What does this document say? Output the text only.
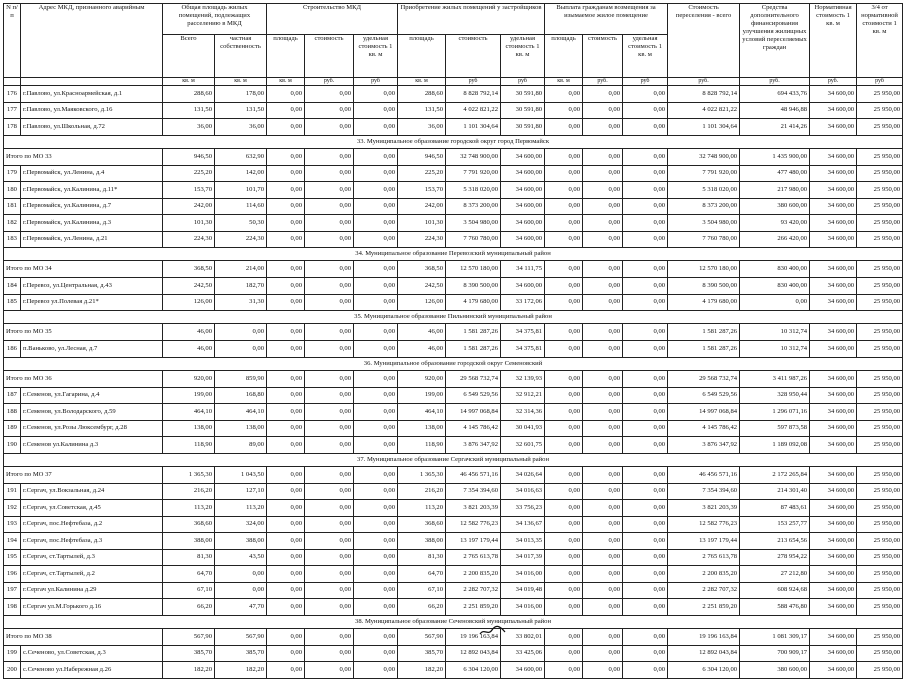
N п/п	Адрес МКД, признанного аварийным	Общая площадь жилых помещений, подлежащих расселению в МКД		Строительство МКД			Приобретение жилых помещений у застройщиков			Выплата гражданам возмещения за изымаемое жилое помещение			Стоимость переселения - всего	Средства дополнительного финансирования улучшения жилищных условий переселяемых граждан	Нормативная стоимость 1 кв. м	3/4 от нормативной стоимости 1 кв. м
		Всего	частная собственность	площадь	стоимость	удельная стоимость 1 кв. м	площадь	стоимость	удельная стоимость 1 кв. м	площадь	стоимость	удельная стоимость 1 кв. м				
		кв. м	кв. м	кв. м	руб.	руб	кв. м	руб	руб	кв. м	руб.	руб	руб.	руб.	руб.	руб
176	г.Павлово, ул.Красноармейская, д.1	288,60	178,00	0,00	0,00	0,00	288,60	8 828 792,14	30 591,80	0,00	0,00	0,00	8 828 792,14	694 433,76	34 600,00	25 950,00
177	г.Павлово, ул.Маяковского, д.16	131,50	131,50	0,00	0,00	0,00	131,50	4 022 821,22	30 591,80	0,00	0,00	0,00	4 022 821,22	48 946,88	34 600,00	25 950,00
178	г.Павлово, ул.Школьная, д.72	36,00	36,00	0,00	0,00	0,00	36,00	1 101 304,64	30 591,80	0,00	0,00	0,00	1 101 304,64	21 414,26	34 600,00	25 950,00
33. Муниципальное образование городской округ город Первомайск																
Итого по МО 33		946,50	632,90	0,00	0,00	0,00	946,50	32 748 900,00	34 600,00	0,00	0,00	0,00	32 748 900,00	1 435 900,00	34 600,00	25 950,00
179	г.Первомайск, ул.Ленина, д.4	225,20	142,00	0,00	0,00	0,00	225,20	7 791 920,00	34 600,00	0,00	0,00	0,00	7 791 920,00	477 480,00	34 600,00	25 950,00
180	г.Первомайск, ул.Калинина, д.11*	153,70	101,70	0,00	0,00	0,00	153,70	5 318 020,00	34 600,00	0,00	0,00	0,00	5 318 020,00	217 980,00	34 600,00	25 950,00
181	г.Первомайск, ул.Калинина, д.7	242,00	114,60	0,00	0,00	0,00	242,00	8 373 200,00	34 600,00	0,00	0,00	0,00	8 373 200,00	380 600,00	34 600,00	25 950,00
182	г.Первомайск, ул.Калинина, д.3	101,30	50,30	0,00	0,00	0,00	101,30	3 504 980,00	34 600,00	0,00	0,00	0,00	3 504 980,00	93 420,00	34 600,00	25 950,00
183	г.Первомайск, ул.Ленина, д.21	224,30	224,30	0,00	0,00	0,00	224,30	7 760 780,00	34 600,00	0,00	0,00	0,00	7 760 780,00	266 420,00	34 600,00	25 950,00
34. Муниципальное образование Перевозский муниципальный район																
Итого по МО 34		368,50	214,00	0,00	0,00	0,00	368,50	12 570 180,00	34 111,75	0,00	0,00	0,00	12 570 180,00	830 400,00	34 600,00	25 950,00
184	г.Перевоз, ул.Центральная, д.43	242,50	182,70	0,00	0,00	0,00	242,50	8 390 500,00	34 600,00	0,00	0,00	0,00	8 390 500,00	830 400,00	34 600,00	25 950,00
185	г.Перевоз ул.Полевая д.21*	126,00	31,30	0,00	0,00	0,00	126,00	4 179 680,00	33 172,06	0,00	0,00	0,00	4 179 680,00	0,00	34 600,00	25 950,00
35. Муниципальное образование Пильнинский муниципальный район																
Итого по МО 35		46,00	0,00	0,00	0,00	0,00	46,00	1 581 287,26	34 375,81	0,00	0,00	0,00	1 581 287,26	10 312,74	34 600,00	25 950,00
186	п.Ваньково, ул.Лесная, д.7	46,00	0,00	0,00	0,00	0,00	46,00	1 581 287,26	34 375,81	0,00	0,00	0,00	1 581 287,26	10 312,74	34 600,00	25 950,00
36. Муниципальное образование городской округ Семеновский																
Итого по МО 36		920,00	859,90	0,00	0,00	0,00	920,00	29 568 732,74	32 139,93	0,00	0,00	0,00	29 568 732,74	3 411 987,26	34 600,00	25 950,00
187	г.Семенов, ул.Гагарина, д.4	199,00	168,80	0,00	0,00	0,00	199,00	6 549 529,56	32 912,21	0,00	0,00	0,00	6 549 529,56	328 950,44	34 600,00	25 950,00
188	г.Семенов, ул.Володарского, д.59	464,10	464,10	0,00	0,00	0,00	464,10	14 997 068,84	32 314,36	0,00	0,00	0,00	14 997 068,84	1 296 071,16	34 600,00	25 950,00
189	г.Семенов, ул.Розы Люксембург, д.28	138,00	138,00	0,00	0,00	0,00	138,00	4 145 786,42	30 041,93	0,00	0,00	0,00	4 145 786,42	597 873,58	34 600,00	25 950,00
190	г.Семенов ул.Калинина д.3	118,90	89,00	0,00	0,00	0,00	118,90	3 876 347,92	32 601,75	0,00	0,00	0,00	3 876 347,92	1 189 092,08	34 600,00	25 950,00
37. Муниципальное образование Сергачский муниципальный район																
Итого по МО 37		1 365,30	1 043,50	0,00	0,00	0,00	1 365,30	46 456 571,16	34 026,64	0,00	0,00	0,00	46 456 571,16	2 172 265,84	34 600,00	25 950,00
191	г.Сергач, ул.Вокзальная, д.24	216,20	127,10	0,00	0,00	0,00	216,20	7 354 394,60	34 016,63	0,00	0,00	0,00	7 354 394,60	214 301,40	34 600,00	25 950,00
192	г.Сергач, ул.Советская, д.45	113,20	113,20	0,00	0,00	0,00	113,20	3 821 203,39	33 756,23	0,00	0,00	0,00	3 821 203,39	87 483,61	34 600,00	25 950,00
193	г.Сергач, пос.Нефтебаза, д.2	368,60	324,00	0,00	0,00	0,00	368,60	12 582 776,23	34 136,67	0,00	0,00	0,00	12 582 776,23	153 257,77	34 600,00	25 950,00
194	г.Сергач, пос.Нефтебаза, д.3	388,00	388,00	0,00	0,00	0,00	388,00	13 197 179,44	34 013,35	0,00	0,00	0,00	13 197 179,44	213 654,56	34 600,00	25 950,00
195	г.Сергач, ст.Тартылей, д.3	81,30	43,50	0,00	0,00	0,00	81,30	2 765 613,78	34 017,39	0,00	0,00	0,00	2 765 613,78	278 954,22	34 600,00	25 950,00
196	г.Сергач, ст.Тартылей, д.2	64,70	0,00	0,00	0,00	0,00	64,70	2 200 835,20	34 016,00	0,00	0,00	0,00	2 200 835,20	27 212,80	34 600,00	25 950,00
197	г.Сергач ул.Калинина д.29	67,10	0,00	0,00	0,00	0,00	67,10	2 282 707,32	34 019,48	0,00	0,00	0,00	2 282 707,32	608 924,68	34 600,00	25 950,00
198	г.Сергач ул.М.Горького д.16	66,20	47,70	0,00	0,00	0,00	66,20	2 251 859,20	34 016,00	0,00	0,00	0,00	2 251 859,20	588 476,80	34 600,00	25 950,00
38. Муниципальное образование Сеченовский муниципальный район																
Итого по МО 38		567,90	567,90	0,00	0,00	0,00	567,90	19 196 163,84	33 802,01	0,00	0,00	0,00	19 196 163,84	1 081 309,17	34 600,00	25 950,00
199	с.Сеченово, ул.Советская, д.3	385,70	385,70	0,00	0,00	0,00	385,70	12 892 043,84	33 425,06	0,00	0,00	0,00	12 892 043,84	700 909,17	34 600,00	25 950,00
200	с.Сеченово ул.Набережная д.26	182,20	182,20	0,00	0,00	0,00	182,20	6 304 120,00	34 600,00	0,00	0,00	0,00	6 304 120,00	380 600,00	34 600,00	25 950,00
